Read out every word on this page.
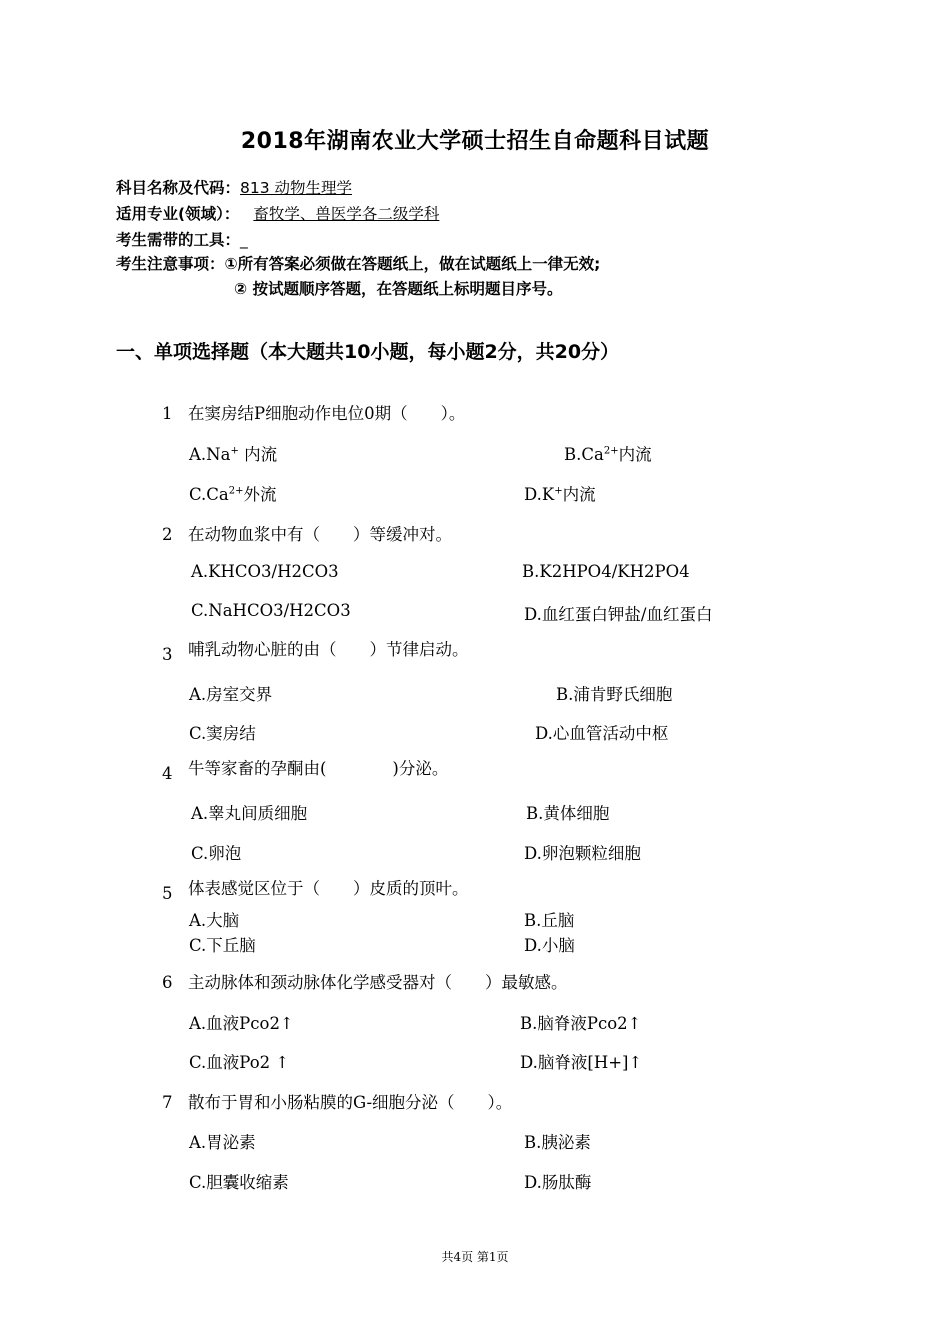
2018年湖南农业大学硕士招生自命题科目试题
科目名称及代码：813 动物生理学
适用专业(领域）： 畜牧学、兽医学各二级学科
考生需带的工具：_
考生注意事项：①所有答案必须做在答题纸上，做在试题纸上一律无效;
② 按试题顺序答题，在答题纸上标明题目序号。
一、单项选择题（本大题共10小题，每小题2分，共20分）
1 在窦房结P细胞动作电位0期（　　）。
A.Na+ 内流	$B.Ca^{2+}$内流
$C.Ca^{2+}$外流	D.K+内流
2 在动物血浆中有（　　）等缓冲对。
A.KHCO3/H2CO3	B.K2HPO4/KH2PO4
C.NaHCO3/H2CO3	D.血红蛋白钾盐/血红蛋白
3 哺乳动物心脏的由（　　）节律启动。
A.房室交界	B.浦肯野氏细胞
C.窦房结	D.心血管活动中枢
4 牛等家畜的孕酮由(　　　　)分泌。
A.睾丸间质细胞	B.黄体细胞
C.卵泡	D.卵泡颗粒细胞
5 体表感觉区位于（　　）皮质的顶叶。
A.大脑	B.丘脑
C.下丘脑	D.小脑
6 主动脉体和颈动脉体化学感受器对（　　）最敏感。
A.血液Pco2↑	B.脑脊液Pco2↑
C.血液Po2 ↑	D.脑脊液[H+]↑
7 散布于胃和小肠粘膜的G-细胞分泌（　　）。
A.胃泌素	B.胰泌素
C.胆囊收缩素	D.肠肽酶
共4页 第1页
